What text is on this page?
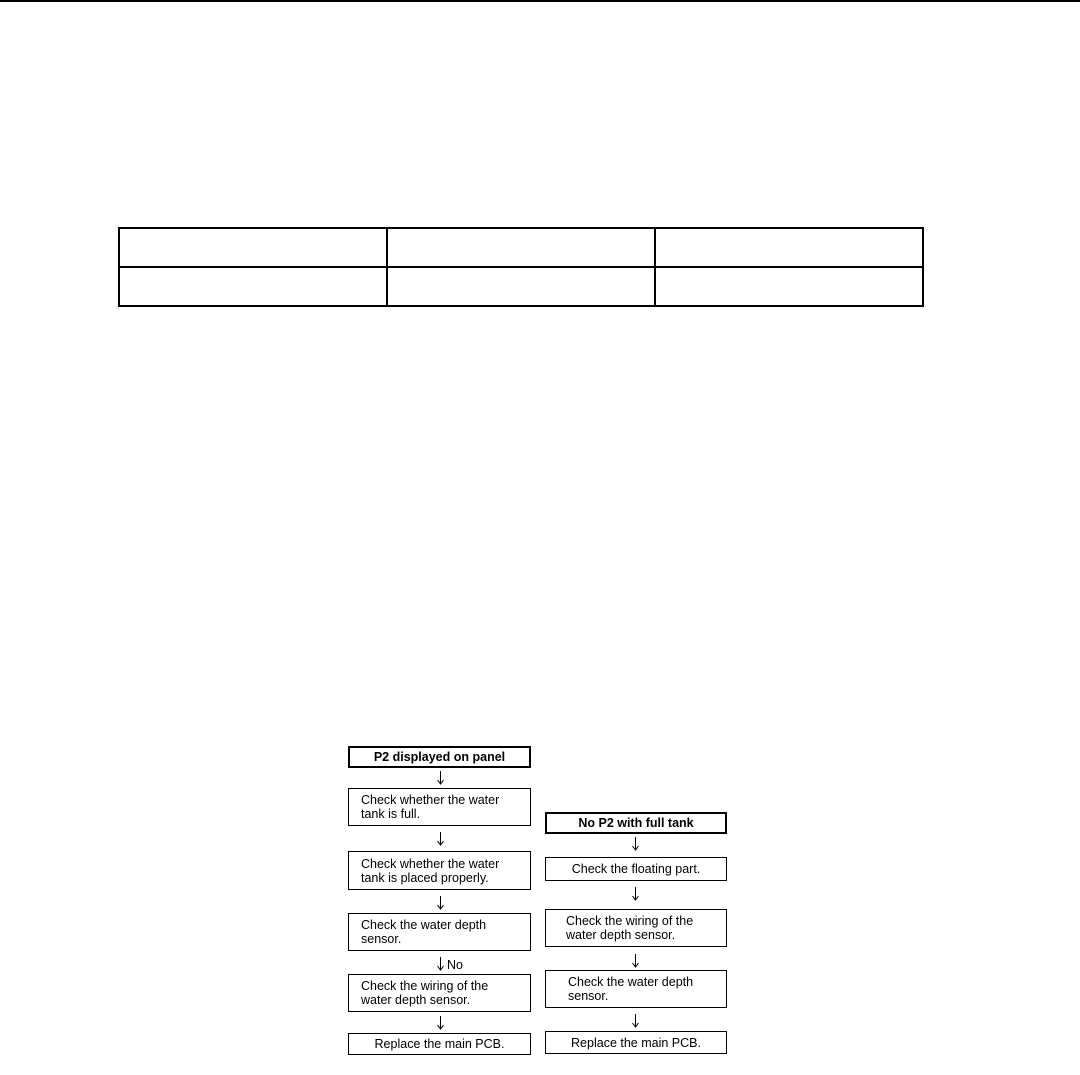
P2 displayed on panel
Check whether the water
tank is full.
Check whether the water
tank is placed properly.
Check the water depth
sensor.
No
Check the wiring of the
water depth sensor.
Replace the main PCB.
No P2 with full tank
Check the floating part.
Check the wiring of the
water depth sensor.
Check the water depth
sensor.
Replace the main PCB.
